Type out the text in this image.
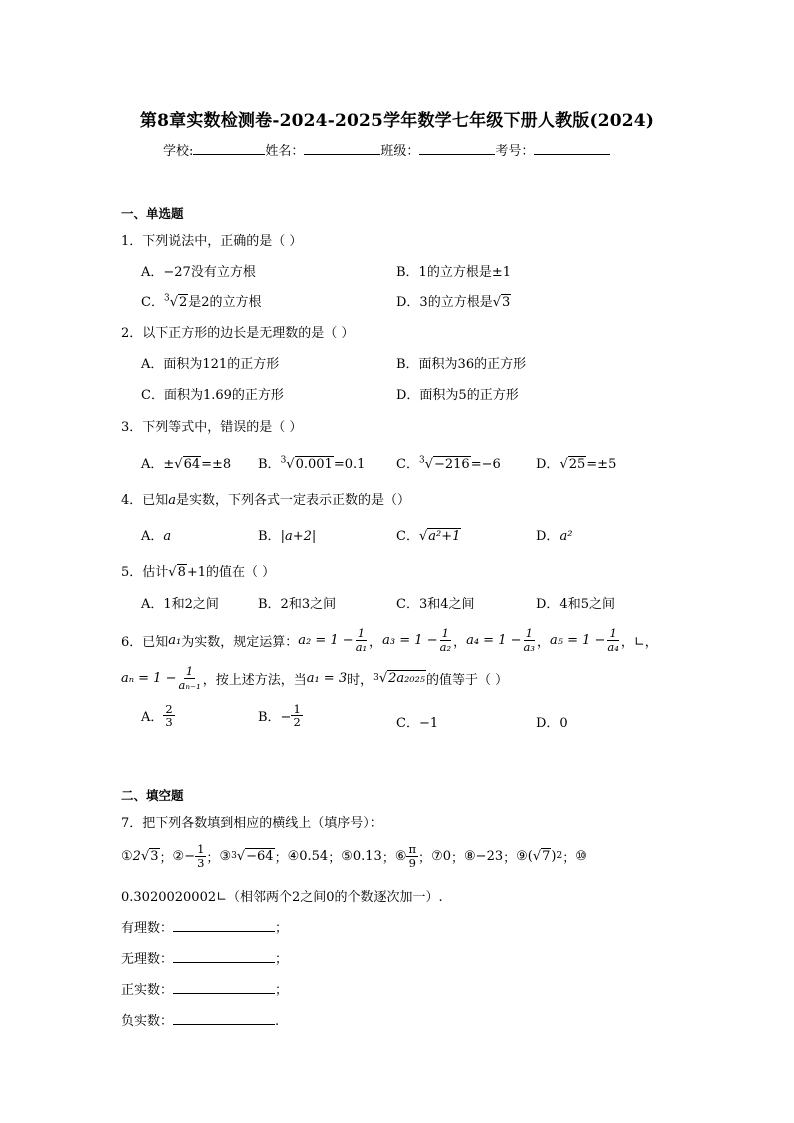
第8章实数检测卷-2024-2025学年数学七年级下册人教版(2024)
学校:	姓名：	班级：	考号：
一、单选题
1．下列说法中，正确的是（ ）
A．−27没有立方根	B．1的立方根是±1
C．$^3$√2是2的立方根	D．3的立方根是√3
2．以下正方形的边长是无理数的是（ ）
A．面积为121的正方形	B．面积为36的正方形
C．面积为1.69的正方形	D．面积为5的正方形
3．下列等式中，错误的是（ ）
A．±√64=±8 B．$^3$√0.001=0.1 C．$^3$√−216=−6	D．√25=±5
4．已知a是实数，下列各式一定表示正数的是（）
A．a	B．|a+2|	C．√a²+1	D．a²
5．估计√8+1的值在（ ）
A．1和2之间	B．2和3之间	C．3和4之间	D．4和5之间
6．已知 a₁ 为实数，规定运算： $a_2 = 1 - \frac{1}{\text{a₁}}$ ， $a_3 = 1 - \frac{1}{\text{a₂}}$ ， $a_4 = 1 - \frac{1}{\text{a₃}}$ ， $a_5 = 1 - \frac{1}{\text{a₄}}$ ，∟，
$a_n = 1 - \frac{1}{\text{aₙ₋₁}}$ ，按上述方法，当 a₁ = 3 时， 3 √ 2a₂₀₂₅ 的值等于（ ）
A． $\frac{2}{3}$	B．− $\frac{1}{2}$	C．−1	D．0
二、填空题
7．把下列各数填到相应的横线上（填序号）：
① 2 √ 3 ； ② − $\frac{1}{3}$ ； ③ 3 √ −64 ； ④0.54 ； ⑤0.13 ； ⑥ $\frac{\pi}{9}$ ； ⑦0 ； ⑧−23 ； ⑨ (√ 7 ) 2 ； ⑩
0.3020020002∟（相邻两个2之间0的个数逐次加一）.
有理数：	；
无理数：	；
正实数：	；
负实数：	.
